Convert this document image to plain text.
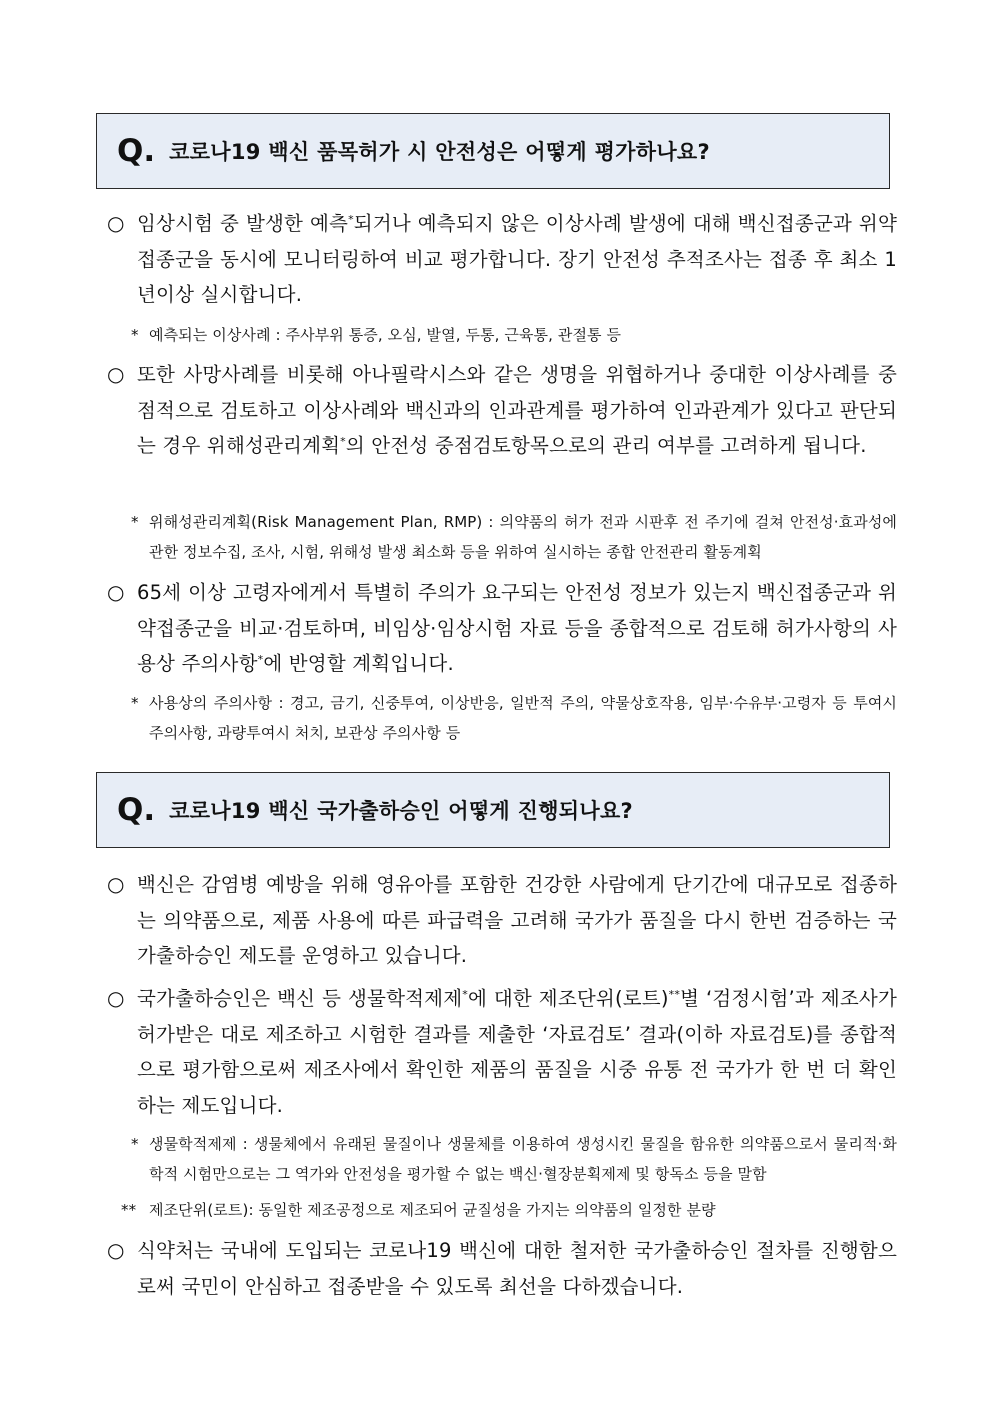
Q. 코로나19 백신 품목허가 시 안전성은 어떻게 평가하나요?
○ 임상시험 중 발생한 예측*되거나 예측되지 않은 이상사례 발생에 대해 백신접종군과 위약접종군을 동시에 모니터링하여 비교 평가합니다. 장기 안전성 추적조사는 접종 후 최소 1년이상 실시합니다.
* 예측되는 이상사례 : 주사부위 통증, 오심, 발열, 두통, 근육통, 관절통 등
○ 또한 사망사례를 비롯해 아나필락시스와 같은 생명을 위협하거나 중대한 이상사례를 중점적으로 검토하고 이상사례와 백신과의 인과관계를 평가하여 인과관계가 있다고 판단되는 경우 위해성관리계획*의 안전성 중점검토항목으로의 관리 여부를 고려하게 됩니다.
* 위해성관리계획(Risk Management Plan, RMP) : 의약품의 허가 전과 시판후 전 주기에 걸쳐 안전성·효과성에 관한 정보수집, 조사, 시험, 위해성 발생 최소화 등을 위하여 실시하는 종합 안전관리 활동계획
○ 65세 이상 고령자에게서 특별히 주의가 요구되는 안전성 정보가 있는지 백신접종군과 위약접종군을 비교·검토하며, 비임상·임상시험 자료 등을 종합적으로 검토해 허가사항의 사용상 주의사항*에 반영할 계획입니다.
* 사용상의 주의사항 : 경고, 금기, 신중투여, 이상반응, 일반적 주의, 약물상호작용, 임부·수유부·고령자 등 투여시 주의사항, 과량투여시 처치, 보관상 주의사항 등
Q. 코로나19 백신 국가출하승인 어떻게 진행되나요?
○ 백신은 감염병 예방을 위해 영유아를 포함한 건강한 사람에게 단기간에 대규모로 접종하는 의약품으로, 제품 사용에 따른 파급력을 고려해 국가가 품질을 다시 한번 검증하는 국가출하승인 제도를 운영하고 있습니다.
○ 국가출하승인은 백신 등 생물학적제제*에 대한 제조단위(로트)**별 ‘검정시험’과 제조사가 허가받은 대로 제조하고 시험한 결과를 제출한 ‘자료검토’ 결과(이하 자료검토)를 종합적으로 평가함으로써 제조사에서 확인한 제품의 품질을 시중 유통 전 국가가 한 번 더 확인하는 제도입니다.
* 생물학적제제 : 생물체에서 유래된 물질이나 생물체를 이용하여 생성시킨 물질을 함유한 의약품으로서 물리적·화학적 시험만으로는 그 역가와 안전성을 평가할 수 없는 백신·혈장분획제제 및 항독소 등을 말함
** 제조단위(로트): 동일한 제조공정으로 제조되어 균질성을 가지는 의약품의 일정한 분량
○ 식약처는 국내에 도입되는 코로나19 백신에 대한 철저한 국가출하승인 절차를 진행함으로써 국민이 안심하고 접종받을 수 있도록 최선을 다하겠습니다.
